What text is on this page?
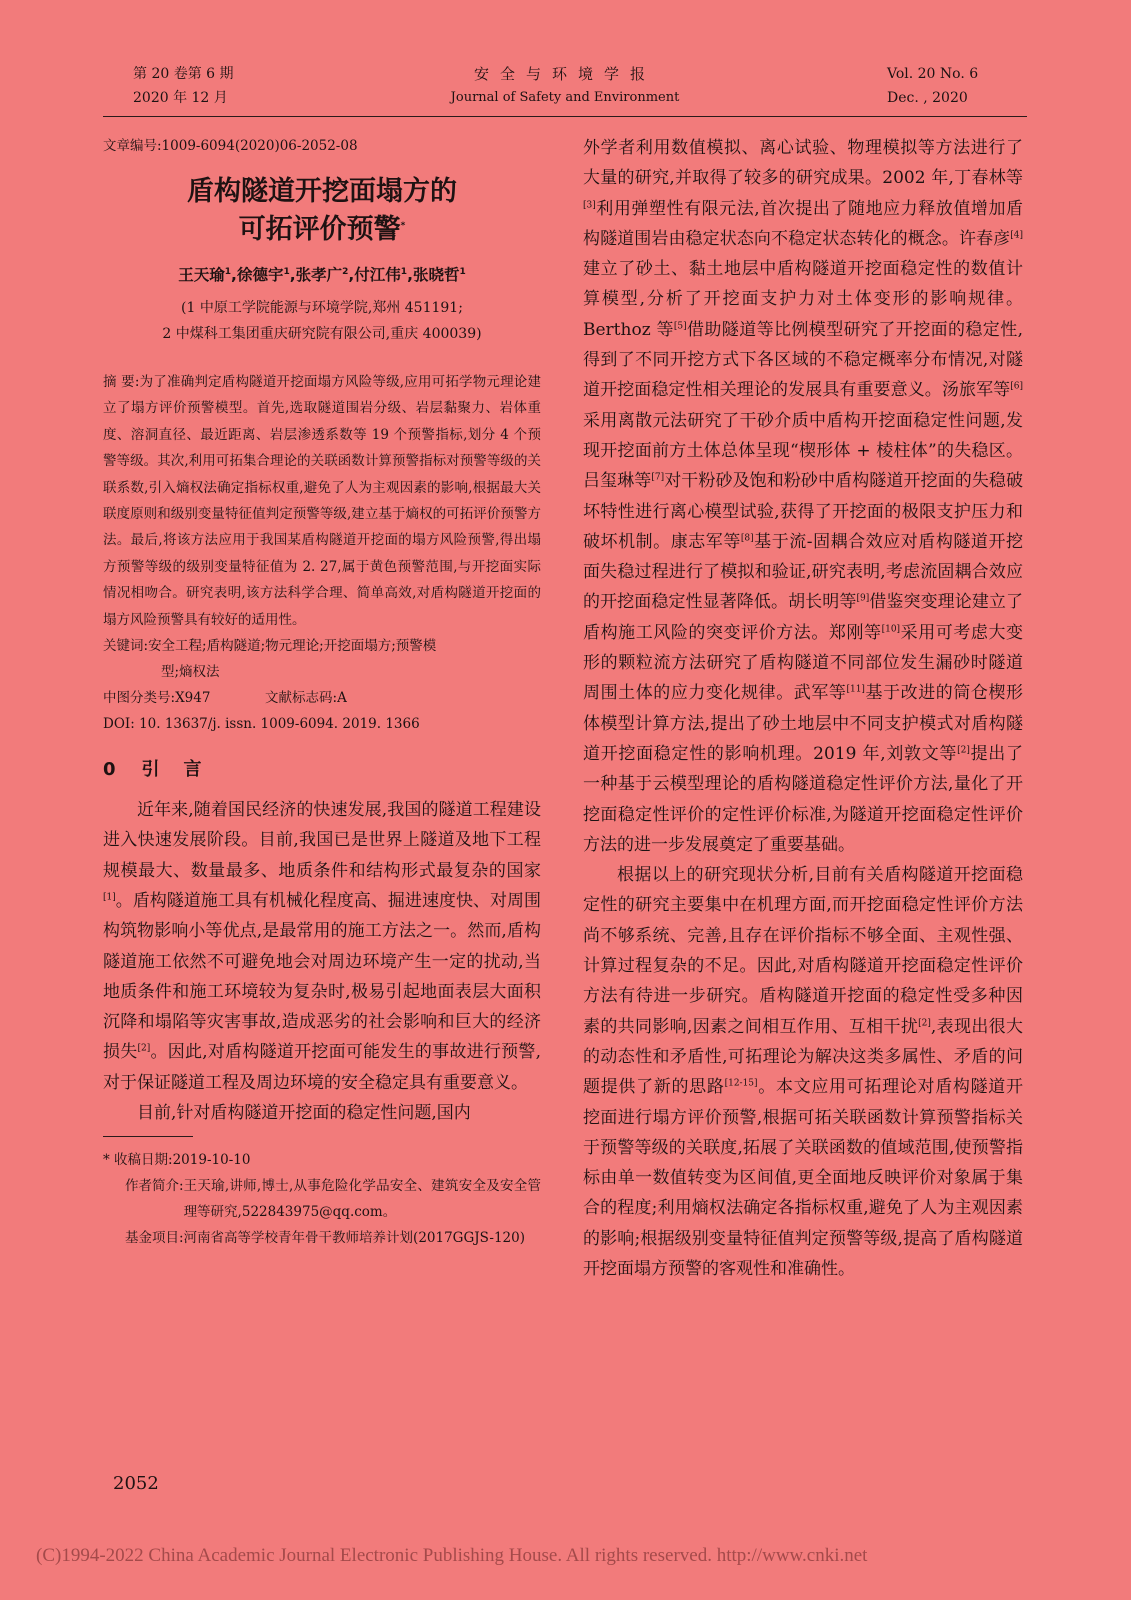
第 20 卷第 6 期
2020 年 12 月
安全与环境学报
Journal of Safety and Environment
Vol. 20 No. 6
Dec. , 2020
文章编号:1009-6094(2020)06-2052-08
盾构隧道开挖面塌方的
可拓评价预警*
王天瑜$^1$,徐德宇$^1$,张孝广$^2$,付江伟$^1$,张晓哲$^1$
(1 中原工学院能源与环境学院,郑州 451191;
2 中煤科工集团重庆研究院有限公司,重庆 400039)
摘 要:为了准确判定盾构隧道开挖面塌方风险等级,应用可拓学物元理论建立了塌方评价预警模型。首先,选取隧道围岩分级、岩层黏聚力、岩体重度、溶洞直径、最近距离、岩层渗透系数等 19 个预警指标,划分 4 个预警等级。其次,利用可拓集合理论的关联函数计算预警指标对预警等级的关联系数,引入熵权法确定指标权重,避免了人为主观因素的影响,根据最大关联度原则和级别变量特征值判定预警等级,建立基于熵权的可拓评价预警方法。最后,将该方法应用于我国某盾构隧道开挖面的塌方风险预警,得出塌方预警等级的级别变量特征值为 2. 27,属于黄色预警范围,与开挖面实际情况相吻合。研究表明,该方法科学合理、简单高效,对盾构隧道开挖面的塌方风险预警具有较好的适用性。
关键词:安全工程;盾构隧道;物元理论;开挖面塌方;预警模
型;熵权法
中图分类号:X947	文献标志码:A
DOI: 10. 13637/j. issn. 1009-6094. 2019. 1366
0 引言

近年来,随着国民经济的快速发展,我国的隧道工程建设进入快速发展阶段。目前,我国已是世界上隧道及地下工程规模最大、数量最多、地质条件和结构形式最复杂的国家[1]。盾构隧道施工具有机械化程度高、掘进速度快、对周围构筑物影响小等优点,是最常用的施工方法之一。然而,盾构隧道施工依然不可避免地会对周边环境产生一定的扰动,当地质条件和施工环境较为复杂时,极易引起地面表层大面积沉降和塌陷等灾害事故,造成恶劣的社会影响和巨大的经济损失[2]。因此,对盾构隧道开挖面可能发生的事故进行预警,对于保证隧道工程及周边环境的安全稳定具有重要意义。

目前,针对盾构隧道开挖面的稳定性问题,国内

* 收稿日期: 2019-10-10
作者简介: 王天瑜,讲师,博士,从事危险化学品安全、建筑安全及安全管理等研究,522843975@qq.com。
基金项目: 河南省高等学校青年骨干教师培养计划(2017GGJS-120)

外学者利用数值模拟、离心试验、物理模拟等方法进行了大量的研究,并取得了较多的研究成果。2002 年,丁春林等[3]利用弹塑性有限元法,首次提出了随地应力释放值增加盾构隧道围岩由稳定状态向不稳定状态转化的概念。许春彦[4]建立了砂土、黏土地层中盾构隧道开挖面稳定性的数值计算模型,分析了开挖面支护力对土体变形的影响规律。Berthoz 等[5]借助隧道等比例模型研究了开挖面的稳定性,得到了不同开挖方式下各区域的不稳定概率分布情况,对隧道开挖面稳定性相关理论的发展具有重要意义。汤旅军等[6]采用离散元法研究了干砂介质中盾构开挖面稳定性问题,发现开挖面前方土体总体呈现“楔形体 + 棱柱体”的失稳区。吕玺琳等[7]对干粉砂及饱和粉砂中盾构隧道开挖面的失稳破坏特性进行离心模型试验,获得了开挖面的极限支护压力和破坏机制。康志军等[8]基于流-固耦合效应对盾构隧道开挖面失稳过程进行了模拟和验证,研究表明,考虑流固耦合效应的开挖面稳定性显著降低。胡长明等[9]借鉴突变理论建立了盾构施工风险的突变评价方法。郑刚等[10]采用可考虑大变形的颗粒流方法研究了盾构隧道不同部位发生漏砂时隧道周围土体的应力变化规律。武军等[11]基于改进的筒仓楔形体模型计算方法,提出了砂土地层中不同支护模式对盾构隧道开挖面稳定性的影响机理。2019 年,刘敦文等[2]提出了一种基于云模型理论的盾构隧道稳定性评价方法,量化了开挖面稳定性评价的定性评价标准,为隧道开挖面稳定性评价方法的进一步发展奠定了重要基础。

根据以上的研究现状分析,目前有关盾构隧道开挖面稳定性的研究主要集中在机理方面,而开挖面稳定性评价方法尚不够系统、完善,且存在评价指标不够全面、主观性强、计算过程复杂的不足。因此,对盾构隧道开挖面稳定性评价方法有待进一步研究。盾构隧道开挖面的稳定性受多种因素的共同影响,因素之间相互作用、互相干扰[2],表现出很大的动态性和矛盾性,可拓理论为解决这类多属性、矛盾的问题提供了新的思路[12-15]。本文应用可拓理论对盾构隧道开挖面进行塌方评价预警,根据可拓关联函数计算预警指标关于预警等级的关联度,拓展了关联函数的值域范围,使预警指标由单一数值转变为区间值,更全面地反映评价对象属于集合的程度;利用熵权法确定各指标权重,避免了人为主观因素的影响;根据级别变量特征值判定预警等级,提高了盾构隧道开挖面塌方预警的客观性和准确性。

2052
(C)1994-2022 China Academic Journal Electronic Publishing House. All rights reserved. http://www.cnki.net
